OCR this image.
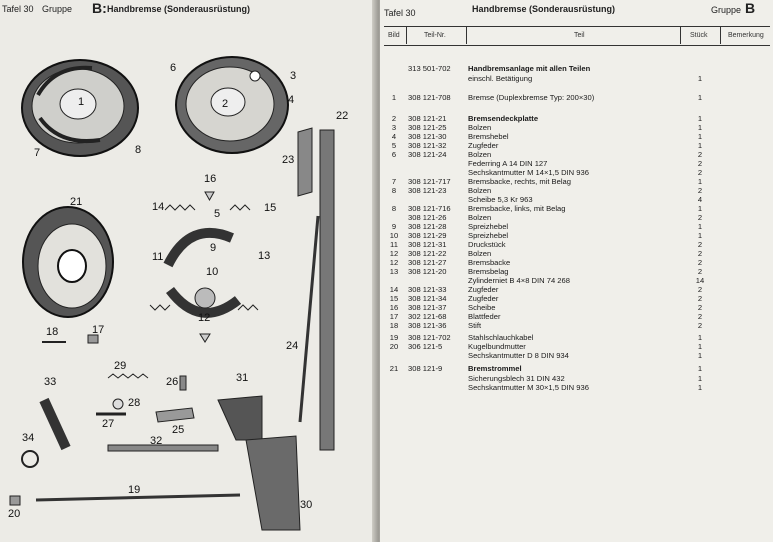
Tafel 30 Gruppe B: Handbremse (Sonderausrüstung)
1	2
3
4
5
6
7	8
9
10
11
12
13
14	15
16
17
18
19
20
21
22
23
24
25
26
27
28
29
30
31
32
33
34
Tafel 30	Handbremse (Sonderausrüstung)	Gruppe B
Bild	Teil-Nr.	Teil	Stück	Bemerkung
313 501-702	Handbremsanlage mit allen Teilen
einschl. Betätigung	1
1	308 121-708	Bremse (Duplexbremse Typ: 200×30)	1
2	308 121-21	Bremsendeckplatte	1
3	308 121-25	Bolzen	1
4	308 121-30	Bremshebel	1
5	308 121-32	Zugfeder	1
6	308 121-24	Bolzen	2
Federring A 14 DIN 127	2
Sechskantmutter M 14×1,5 DIN 936	2
7	308 121-717	Bremsbacke, rechts, mit Belag	1
8	308 121-23	Bolzen	2
Scheibe 5,3 Kr 963	4
8	308 121-716	Bremsbacke, links, mit Belag	1
308 121-26	Bolzen	2
9	308 121-28	Spreizhebel	1
10	308 121-29	Spreizhebel	1
11	308 121-31	Druckstück	2
12	308 121-22	Bolzen	2
12	308 121-27	Bremsbacke	2
13	308 121-20	Bremsbelag	2
Zylinderniet B 4×8 DIN 74 268	14
14	308 121-33	Zugfeder	2
15	308 121-34	Zugfeder	2
16	308 121-37	Scheibe	2
17	302 121-68	Blattfeder	2
18	308 121-36	Stift	2
19	308 121-702	Stahlschlauchkabel	1
20	306 121-5	Kugelbundmutter	1
Sechskantmutter D 8 DIN 934	1
21	308 121-9	Bremstrommel	1
Sicherungsblech 31 DIN 432	1
Sechskantmutter M 30×1,5 DIN 936	1
